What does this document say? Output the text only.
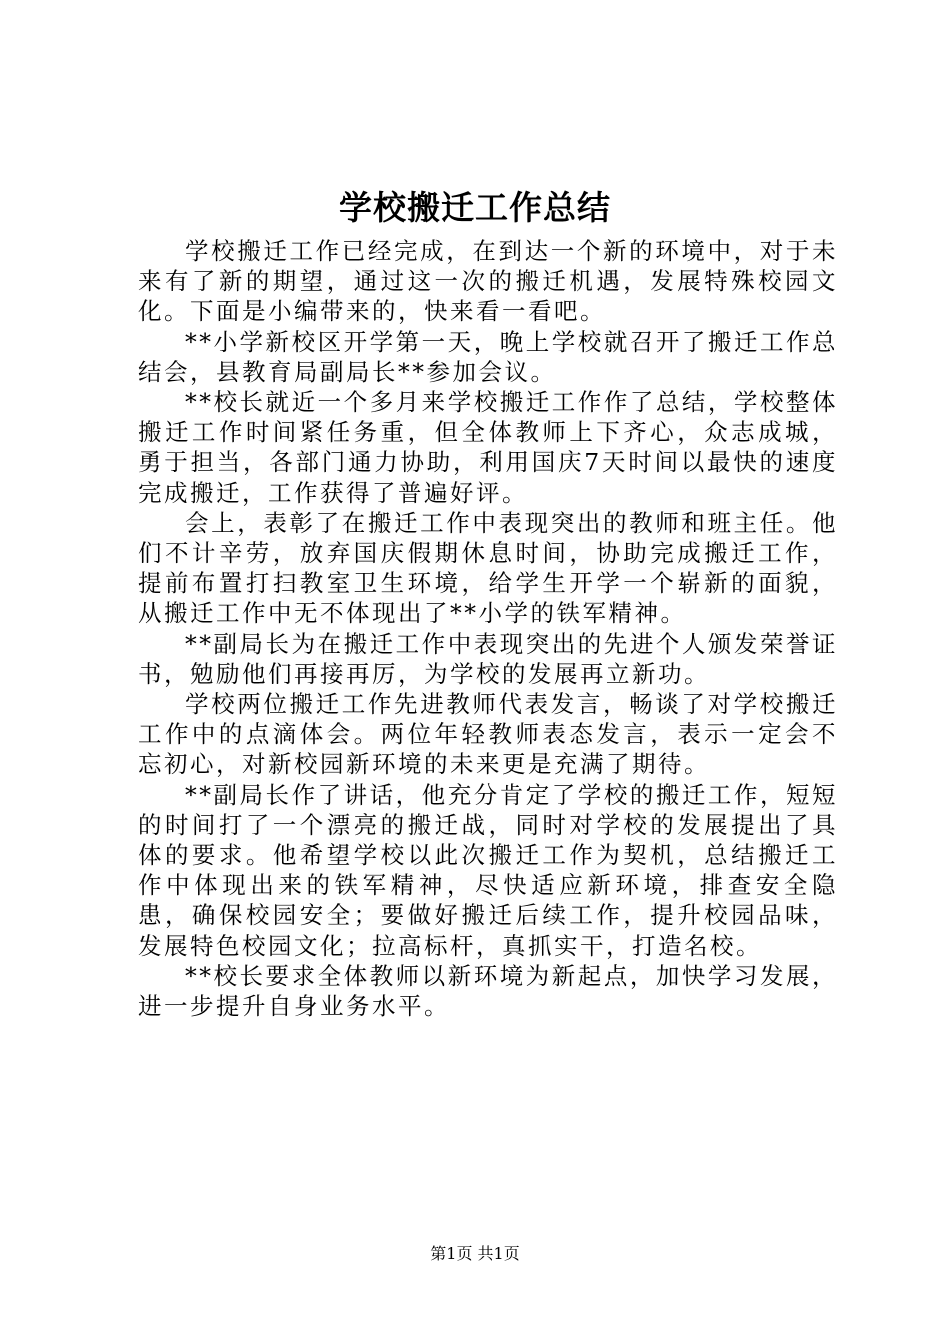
学校搬迁工作总结

学校搬迁工作已经完成，在到达一个新的环境中，对于未来有了新的期望，通过这一次的搬迁机遇，发展特殊校园文化。下面是小编带来的，快来看一看吧。

**小学新校区开学第一天，晚上学校就召开了搬迁工作总结会，县教育局副局长**参加会议。

**校长就近一个多月来学校搬迁工作作了总结，学校整体搬迁工作时间紧任务重，但全体教师上下齐心，众志成城，勇于担当，各部门通力协助，利用国庆7天时间以最快的速度完成搬迁，工作获得了普遍好评。

会上，表彰了在搬迁工作中表现突出的教师和班主任。他们不计辛劳，放弃国庆假期休息时间，协助完成搬迁工作，提前布置打扫教室卫生环境，给学生开学一个崭新的面貌，从搬迁工作中无不体现出了**小学的铁军精神。

**副局长为在搬迁工作中表现突出的先进个人颁发荣誉证书，勉励他们再接再厉，为学校的发展再立新功。

学校两位搬迁工作先进教师代表发言，畅谈了对学校搬迁工作中的点滴体会。两位年轻教师表态发言，表示一定会不忘初心，对新校园新环境的未来更是充满了期待。

**副局长作了讲话，他充分肯定了学校的搬迁工作，短短的时间打了一个漂亮的搬迁战，同时对学校的发展提出了具体的要求。他希望学校以此次搬迁工作为契机，总结搬迁工作中体现出来的铁军精神，尽快适应新环境，排查安全隐患，确保校园安全；要做好搬迁后续工作，提升校园品味，发展特色校园文化；拉高标杆，真抓实干，打造名校。

**校长要求全体教师以新环境为新起点，加快学习发展，进一步提升自身业务水平。

第1页 共1页
